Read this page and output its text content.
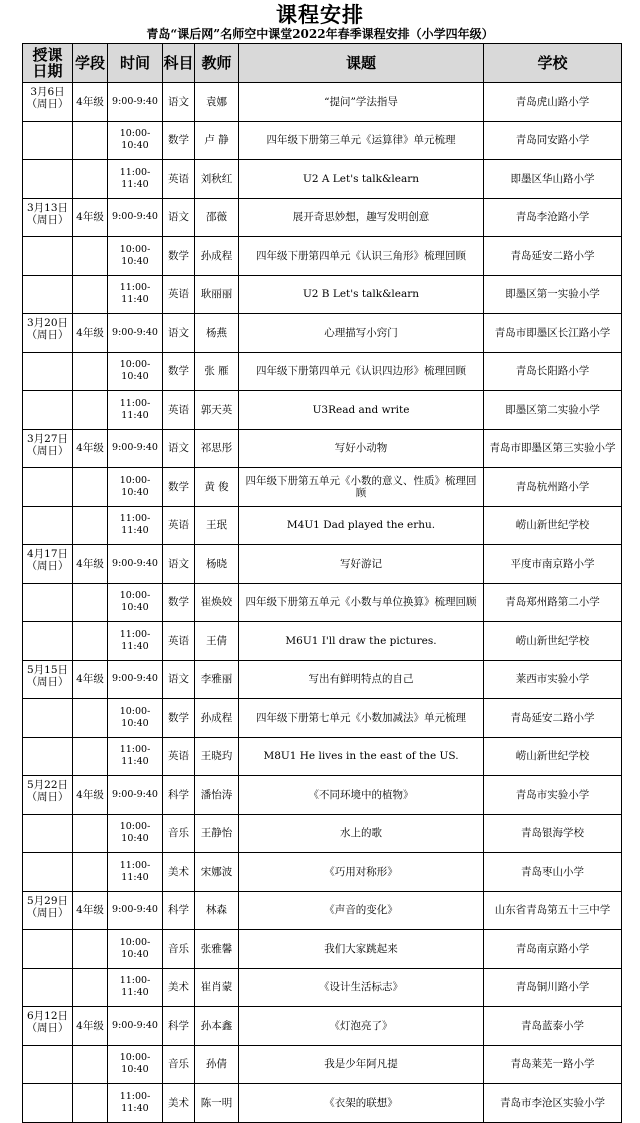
课程安排
青岛“课后网”名师空中课堂2022年春季课程安排（小学四年级）
授课
日期	学段	时间	科目	教师	课题	学校

3月6日
（周日）	4年级	9:00-9:40	语文	袁娜	“提问”学法指导	青岛虎山路小学
		10:00-10:40	数学	卢 静	四年级下册第三单元《运算律》单元梳理	青岛同安路小学
		11:00-11:40	英语	刘秋红	U2 A Let's talk&learn	即墨区华山路小学

3月13日
（周日）	4年级	9:00-9:40	语文	邵薇	展开奇思妙想，趣写发明创意	青岛李沧路小学
		10:00-10:40	数学	孙成程	四年级下册第四单元《认识三角形》梳理回顾	青岛延安二路小学
		11:00-11:40	英语	耿丽丽	U2 B Let's talk&learn	即墨区第一实验小学

3月20日
（周日）	4年级	9:00-9:40	语文	杨燕	心理描写小窍门	青岛市即墨区长江路小学
		10:00-10:40	数学	张 雁	四年级下册第四单元《认识四边形》梳理回顾	青岛长阳路小学
		11:00-11:40	英语	郭天英	U3Read and write	即墨区第二实验小学

3月27日
（周日）	4年级	9:00-9:40	语文	祁思彤	写好小动物	青岛市即墨区第三实验小学
		10:00-10:40	数学	黄 俊	四年级下册第五单元《小数的意义、性质》梳理回顾	青岛杭州路小学
		11:00-11:40	英语	王珉	M4U1 Dad played the erhu.	崂山新世纪学校

4月17日
（周日）	4年级	9:00-9:40	语文	杨晓	写好游记	平度市南京路小学
		10:00-10:40	数学	崔焕姣	四年级下册第五单元《小数与单位换算》梳理回顾	青岛郑州路第二小学
		11:00-11:40	英语	王倩	M6U1 I'll draw the pictures.	崂山新世纪学校

5月15日
（周日）	4年级	9:00-9:40	语文	李雅丽	写出有鲜明特点的自己	莱西市实验小学
		10:00-10:40	数学	孙成程	四年级下册第七单元《小数加减法》单元梳理	青岛延安二路小学
		11:00-11:40	英语	王晓玓	M8U1 He lives in the east of the US.	崂山新世纪学校

5月22日
（周日）	4年级	9:00-9:40	科学	潘怡涛	《不同环境中的植物》	青岛市实验小学
		10:00-10:40	音乐	王静怡	水上的歌	青岛银海学校
		11:00-11:40	美术	宋娜波	《巧用对称形》	青岛枣山小学

5月29日
（周日）	4年级	9:00-9:40	科学	林森	《声音的变化》	山东省青岛第五十三中学
		10:00-10:40	音乐	张雅馨	我们大家跳起来	青岛南京路小学
		11:00-11:40	美术	崔肖蒙	《设计生活标志》	青岛铜川路小学

6月12日
（周日）	4年级	9:00-9:40	科学	孙本鑫	《灯泡亮了》	青岛蓝泰小学
		10:00-10:40	音乐	孙倩	我是少年阿凡提	青岛莱芜一路小学
		11:00-11:40	美术	陈一明	《衣架的联想》	青岛市李沧区实验小学
